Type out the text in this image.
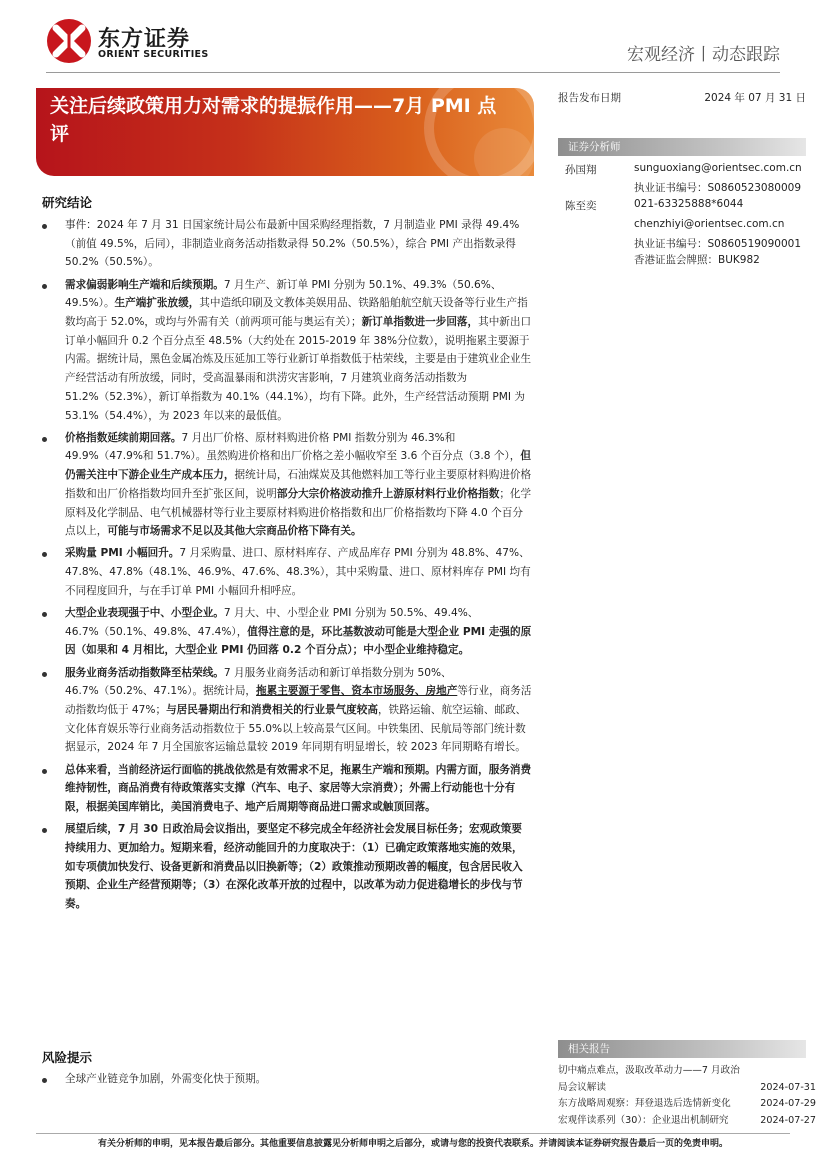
东方证券
ORIENT SECURITIES	宏观经济丨动态跟踪
关注后续政策用力对需求的提振作用——7月 PMI 点评
报告发布日期	2024 年 07 月 31 日
证券分析师
孙国翔	sunguoxiang@orientsec.com.cn
执业证书编号：S0860523080009
陈至奕	021-63325888*6044
chenzhiyi@orientsec.com.cn
执业证书编号：S0860519090001
香港证监会牌照：BUK982
研究结论
事件：2024 年 7 月 31 日国家统计局公布最新中国采购经理指数，7 月制造业 PMI 录得 49.4%（前值 49.5%，后同），非制造业商务活动指数录得 50.2%（50.5%），综合 PMI 产出指数录得 50.2%（50.5%）。
需求偏弱影响生产端和后续预期。7 月生产、新订单 PMI 分别为 50.1%、49.3%（50.6%、49.5%）。生产端扩张放缓，其中造纸印刷及文教体美娱用品、铁路船舶航空航天设备等行业生产指数均高于 52.0%，或均与外需有关（前两项可能与奥运有关）；新订单指数进一步回落，其中新出口订单小幅回升 0.2 个百分点至 48.5%（大约处在 2015-2019 年 38%分位数），说明拖累主要源于内需。据统计局，黑色金属冶炼及压延加工等行业新订单指数低于枯荣线，主要是由于建筑业企业生产经营活动有所放缓，同时，受高温暴雨和洪涝灾害影响，7 月建筑业商务活动指数为 51.2%（52.3%），新订单指数为 40.1%（44.1%），均有下降。此外，生产经营活动预期 PMI 为 53.1%（54.4%），为 2023 年以来的最低值。
价格指数延续前期回落。7 月出厂价格、原材料购进价格 PMI 指数分别为 46.3%和 49.9%（47.9%和 51.7%）。虽然购进价格和出厂价格之差小幅收窄至 3.6 个百分点（3.8 个），但仍需关注中下游企业生产成本压力，据统计局，石油煤炭及其他燃料加工等行业主要原材料购进价格指数和出厂价格指数均回升至扩张区间，说明部分大宗价格波动推升上游原材料行业价格指数；化学原料及化学制品、电气机械器材等行业主要原材料购进价格指数和出厂价格指数均下降 4.0 个百分点以上，可能与市场需求不足以及其他大宗商品价格下降有关。
采购量 PMI 小幅回升。7 月采购量、进口、原材料库存、产成品库存 PMI 分别为 48.8%、47%、47.8%、47.8%（48.1%、46.9%、47.6%、48.3%），其中采购量、进口、原材料库存 PMI 均有不同程度回升，与在手订单 PMI 小幅回升相呼应。
大型企业表现强于中、小型企业。7 月大、中、小型企业 PMI 分别为 50.5%、49.4%、46.7%（50.1%、49.8%、47.4%），值得注意的是，环比基数波动可能是大型企业 PMI 走强的原因（如果和 4 月相比，大型企业 PMI 仍回落 0.2 个百分点）；中小型企业维持稳定。
服务业商务活动指数降至枯荣线。7 月服务业商务活动和新订单指数分别为 50%、46.7%（50.2%、47.1%）。据统计局，拖累主要源于零售、资本市场服务、房地产等行业，商务活动指数均低于 47%；与居民暑期出行和消费相关的行业景气度较高，铁路运输、航空运输、邮政、文化体育娱乐等行业商务活动指数位于 55.0%以上较高景气区间。中铁集团、民航局等部门统计数据显示，2024 年 7 月全国旅客运输总量较 2019 年同期有明显增长，较 2023 年同期略有增长。
总体来看，当前经济运行面临的挑战依然是有效需求不足，拖累生产端和预期。内需方面，服务消费维持韧性，商品消费有待政策落实支撑（汽车、电子、家居等大宗消费）；外需上行动能也十分有限，根据美国库销比，美国消费电子、地产后周期等商品进口需求或触顶回落。
展望后续，7 月 30 日政治局会议指出，要坚定不移完成全年经济社会发展目标任务；宏观政策要持续用力、更加给力。短期来看，经济动能回升的力度取决于：（1）已确定政策落地实施的效果，如专项债加快发行、设备更新和消费品以旧换新等；（2）政策推动预期改善的幅度，包含居民收入预期、企业生产经营预期等；（3）在深化改革开放的过程中，以改革为动力促进稳增长的步伐与节奏。
风险提示
全球产业链竞争加剧，外需变化快于预期。
相关报告
切中痛点难点，汲取改革动力——7 月政治局会议解读	2024-07-31
东方战略周观察：拜登退选后选情新变化	2024-07-29
宏观伴读系列（30）：企业退出机制研究	2024-07-27
有关分析师的申明，见本报告最后部分。其他重要信息披露见分析师申明之后部分，或请与您的投资代表联系。并请阅读本证券研究报告最后一页的免责申明。
